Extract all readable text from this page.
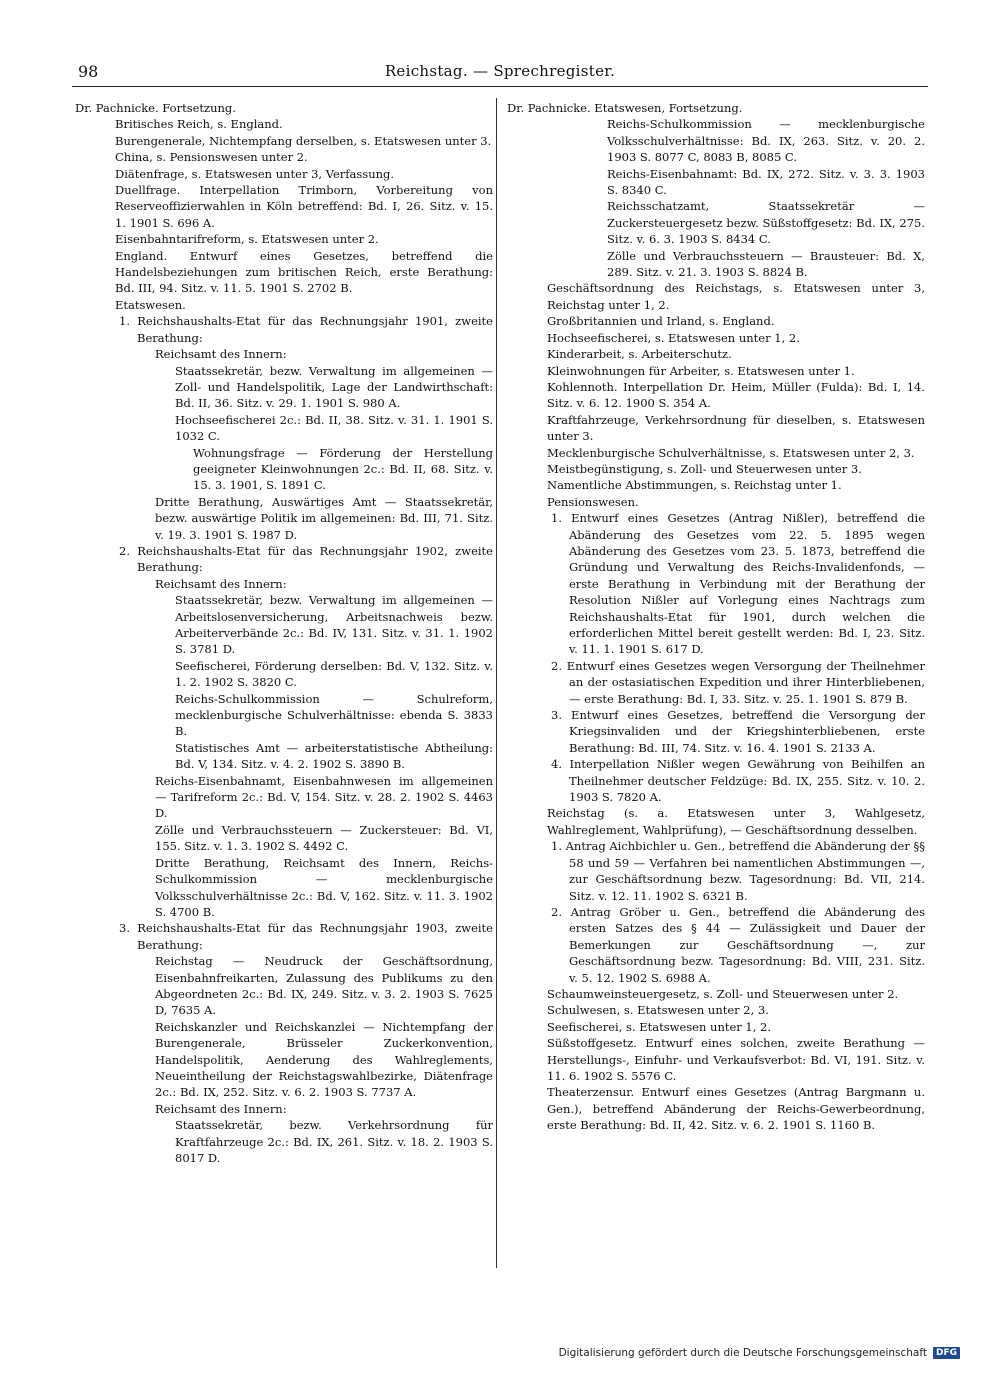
98	Reichstag. — Sprechregister.

Dr. Pachnicke. Fortsetzung.

Britisches Reich, s. England.

Burengenerale, Nichtempfang derselben, s. Etatswesen unter 3.

China, s. Pensionswesen unter 2.

Diätenfrage, s. Etatswesen unter 3, Verfassung.

Duellfrage. Interpellation Trimborn, Vorbereitung von Reserveoffizierwahlen in Köln betreffend: Bd. I, 26. Sitz. v. 15. 1. 1901 S. 696 A.

Eisenbahntarifreform, s. Etatswesen unter 2.

England. Entwurf eines Gesetzes, betreffend die Handelsbeziehungen zum britischen Reich, erste Berathung: Bd. III, 94. Sitz. v. 11. 5. 1901 S. 2702 B.

Etatswesen.

1. Reichshaushalts-Etat für das Rechnungsjahr 1901, zweite Berathung:

Reichsamt des Innern:

Staatssekretär, bezw. Verwaltung im allgemeinen — Zoll- und Handelspolitik, Lage der Landwirthschaft: Bd. II, 36. Sitz. v. 29. 1. 1901 S. 980 A.

Hochseefischerei 2c.: Bd. II, 38. Sitz. v. 31. 1. 1901 S. 1032 C.

Wohnungsfrage — Förderung der Herstellung geeigneter Kleinwohnungen 2c.: Bd. II, 68. Sitz. v. 15. 3. 1901, S. 1891 C.

Dritte Berathung, Auswärtiges Amt — Staatssekretär, bezw. auswärtige Politik im allgemeinen: Bd. III, 71. Sitz. v. 19. 3. 1901 S. 1987 D.

2. Reichshaushalts-Etat für das Rechnungsjahr 1902, zweite Berathung:

Reichsamt des Innern:

Staatssekretär, bezw. Verwaltung im allgemeinen — Arbeitslosenversicherung, Arbeitsnachweis bezw. Arbeiterverbände 2c.: Bd. IV, 131. Sitz. v. 31. 1. 1902 S. 3781 D.

Seefischerei, Förderung derselben: Bd. V, 132. Sitz. v. 1. 2. 1902 S. 3820 C.

Reichs-Schulkommission — Schulreform, mecklenburgische Schulverhältnisse: ebenda S. 3833 B.

Statistisches Amt — arbeiterstatistische Abtheilung: Bd. V, 134. Sitz. v. 4. 2. 1902 S. 3890 B.

Reichs-Eisenbahnamt, Eisenbahnwesen im allgemeinen — Tarifreform 2c.: Bd. V, 154. Sitz. v. 28. 2. 1902 S. 4463 D.

Zölle und Verbrauchssteuern — Zuckersteuer: Bd. VI, 155. Sitz. v. 1. 3. 1902 S. 4492 C.

Dritte Berathung, Reichsamt des Innern, Reichs-Schulkommission — mecklenburgische Volksschulverhältnisse 2c.: Bd. V, 162. Sitz. v. 11. 3. 1902 S. 4700 B.

3. Reichshaushalts-Etat für das Rechnungsjahr 1903, zweite Berathung:

Reichstag — Neudruck der Geschäftsordnung, Eisenbahnfreikarten, Zulassung des Publikums zu den Abgeordneten 2c.: Bd. IX, 249. Sitz. v. 3. 2. 1903 S. 7625 D, 7635 A.

Reichskanzler und Reichskanzlei — Nichtempfang der Burengenerale, Brüsseler Zuckerkonvention, Handelspolitik, Aenderung des Wahlreglements, Neueintheilung der Reichstagswahlbezirke, Diätenfrage 2c.: Bd. IX, 252. Sitz. v. 6. 2. 1903 S. 7737 A.

Reichsamt des Innern:

Staatssekretär, bezw. Verkehrsordnung für Kraftfahrzeuge 2c.: Bd. IX, 261. Sitz. v. 18. 2. 1903 S. 8017 D.

Dr. Pachnicke. Etatswesen, Fortsetzung.

Reichs-Schulkommission — mecklenburgische Volksschulverhältnisse: Bd. IX, 263. Sitz. v. 20. 2. 1903 S. 8077 C, 8083 B, 8085 C.

Reichs-Eisenbahnamt: Bd. IX, 272. Sitz. v. 3. 3. 1903 S. 8340 C.

Reichsschatzamt, Staatssekretär — Zuckersteuergesetz bezw. Süßstoffgesetz: Bd. IX, 275. Sitz. v. 6. 3. 1903 S. 8434 C.

Zölle und Verbrauchssteuern — Brausteuer: Bd. X, 289. Sitz. v. 21. 3. 1903 S. 8824 B.

Geschäftsordnung des Reichstags, s. Etatswesen unter 3, Reichstag unter 1, 2.

Großbritannien und Irland, s. England.

Hochseefischerei, s. Etatswesen unter 1, 2.

Kinderarbeit, s. Arbeiterschutz.

Kleinwohnungen für Arbeiter, s. Etatswesen unter 1.

Kohlennoth. Interpellation Dr. Heim, Müller (Fulda): Bd. I, 14. Sitz. v. 6. 12. 1900 S. 354 A.

Kraftfahrzeuge, Verkehrsordnung für dieselben, s. Etatswesen unter 3.

Mecklenburgische Schulverhältnisse, s. Etatswesen unter 2, 3.

Meistbegünstigung, s. Zoll- und Steuerwesen unter 3.

Namentliche Abstimmungen, s. Reichstag unter 1.

Pensionswesen.

1. Entwurf eines Gesetzes (Antrag Nißler), betreffend die Abänderung des Gesetzes vom 22. 5. 1895 wegen Abänderung des Gesetzes vom 23. 5. 1873, betreffend die Gründung und Verwaltung des Reichs-Invalidenfonds, — erste Berathung in Verbindung mit der Berathung der Resolution Nißler auf Vorlegung eines Nachtrags zum Reichshaushalts-Etat für 1901, durch welchen die erforderlichen Mittel bereit gestellt werden: Bd. I, 23. Sitz. v. 11. 1. 1901 S. 617 D.

2. Entwurf eines Gesetzes wegen Versorgung der Theilnehmer an der ostasiatischen Expedition und ihrer Hinterbliebenen, — erste Berathung: Bd. I, 33. Sitz. v. 25. 1. 1901 S. 879 B.

3. Entwurf eines Gesetzes, betreffend die Versorgung der Kriegsinvaliden und der Kriegshinterbliebenen, erste Berathung: Bd. III, 74. Sitz. v. 16. 4. 1901 S. 2133 A.

4. Interpellation Nißler wegen Gewährung von Beihilfen an Theilnehmer deutscher Feldzüge: Bd. IX, 255. Sitz. v. 10. 2. 1903 S. 7820 A.

Reichstag (s. a. Etatswesen unter 3, Wahlgesetz, Wahlreglement, Wahlprüfung), — Geschäftsordnung desselben.

1. Antrag Aichbichler u. Gen., betreffend die Abänderung der §§ 58 und 59 — Verfahren bei namentlichen Abstimmungen —, zur Geschäftsordnung bezw. Tagesordnung: Bd. VII, 214. Sitz. v. 12. 11. 1902 S. 6321 B.

2. Antrag Gröber u. Gen., betreffend die Abänderung des ersten Satzes des § 44 — Zulässigkeit und Dauer der Bemerkungen zur Geschäftsordnung —, zur Geschäftsordnung bezw. Tagesordnung: Bd. VIII, 231. Sitz. v. 5. 12. 1902 S. 6988 A.

Schaumweinsteuergesetz, s. Zoll- und Steuerwesen unter 2.

Schulwesen, s. Etatswesen unter 2, 3.

Seefischerei, s. Etatswesen unter 1, 2.

Süßstoffgesetz. Entwurf eines solchen, zweite Berathung — Herstellungs-, Einfuhr- und Verkaufsverbot: Bd. VI, 191. Sitz. v. 11. 6. 1902 S. 5576 C.

Theaterzensur. Entwurf eines Gesetzes (Antrag Bargmann u. Gen.), betreffend Abänderung der Reichs-Gewerbeordnung, erste Berathung: Bd. II, 42. Sitz. v. 6. 2. 1901 S. 1160 B.

Digitalisierung gefördert durch die Deutsche Forschungsgemeinschaft	DFG
